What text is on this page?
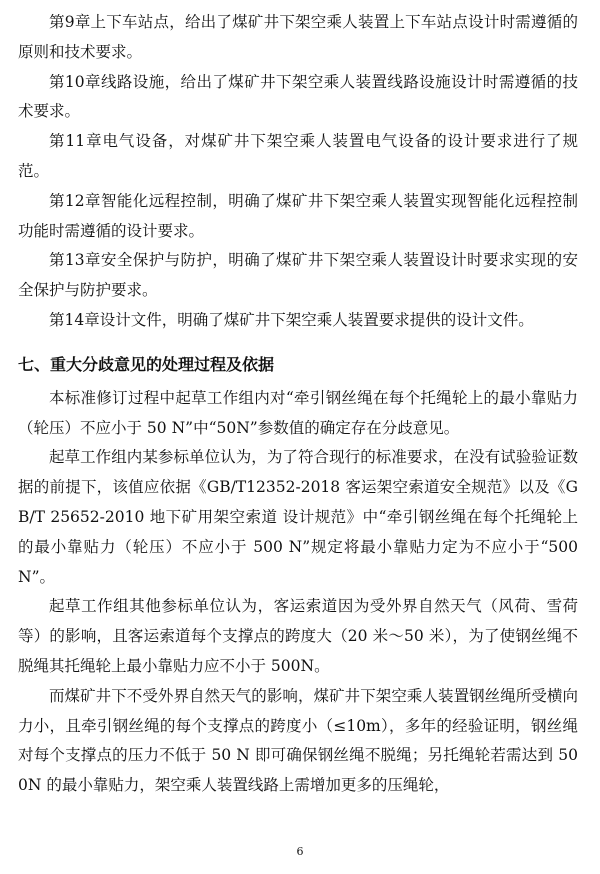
第9章上下车站点，给出了煤矿井下架空乘人装置上下车站点设计时需遵循的原则和技术要求。

第10章线路设施，给出了煤矿井下架空乘人装置线路设施设计时需遵循的技术要求。

第11章电气设备，对煤矿井下架空乘人装置电气设备的设计要求进行了规范。

第12章智能化远程控制，明确了煤矿井下架空乘人装置实现智能化远程控制功能时需遵循的设计要求。

第13章安全保护与防护，明确了煤矿井下架空乘人装置设计时要求实现的安全保护与防护要求。

第14章设计文件，明确了煤矿井下架空乘人装置要求提供的设计文件。

七、重大分歧意见的处理过程及依据

本标准修订过程中起草工作组内对“牵引钢丝绳在每个托绳轮上的最小靠贴力（轮压）不应小于 50 N”中“50N”参数值的确定存在分歧意见。

起草工作组内某参标单位认为，为了符合现行的标准要求，在没有试验验证数据的前提下，该值应依据《GB/T12352-2018 客运架空索道安全规范》以及《GB/T 25652-2010 地下矿用架空索道 设计规范》中“牵引钢丝绳在每个托绳轮上的最小靠贴力（轮压）不应小于 500 N”规定将最小靠贴力定为不应小于“500 N”。

起草工作组其他参标单位认为，客运索道因为受外界自然天气（风荷、雪荷等）的影响，且客运索道每个支撑点的跨度大（20 米～50 米），为了使钢丝绳不脱绳其托绳轮上最小靠贴力应不小于 500N。

而煤矿井下不受外界自然天气的影响，煤矿井下架空乘人装置钢丝绳所受横向力小，且牵引钢丝绳的每个支撑点的跨度小（≤10m），多年的经验证明，钢丝绳对每个支撑点的压力不低于 50 N 即可确保钢丝绳不脱绳；另托绳轮若需达到 500N 的最小靠贴力，架空乘人装置线路上需增加更多的压绳轮，

6
